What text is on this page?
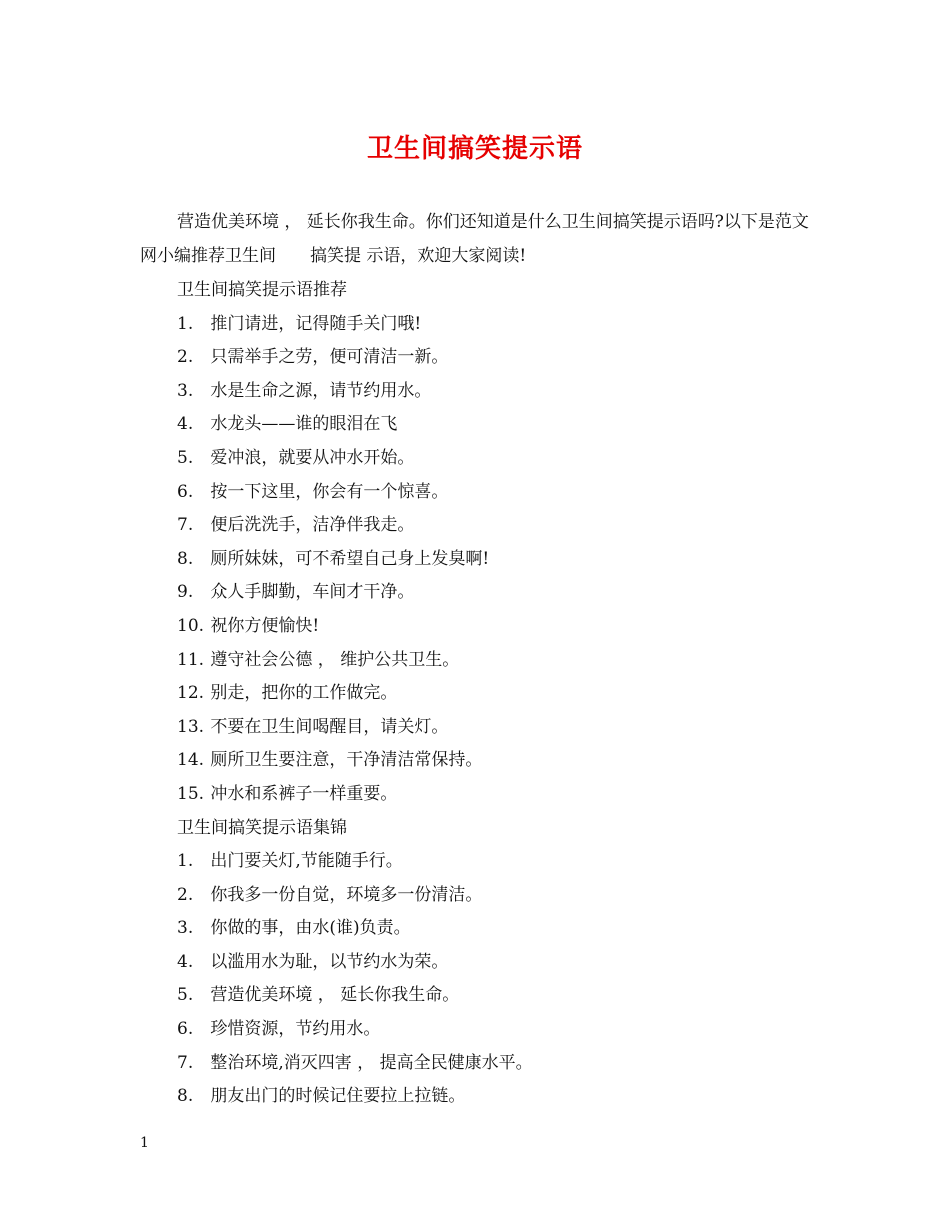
卫生间搞笑提示语

营造优美环境 ， 延长你我生命。你们还知道是什么卫生间搞笑提示语吗?以下是范文网小编推荐卫生间　　搞笑提 示语，欢迎大家阅读!

卫生间搞笑提示语推荐
1. 推门请进，记得随手关门哦!
2. 只需举手之劳，便可清洁一新。
3. 水是生命之源，请节约用水。
4. 水龙头——谁的眼泪在飞
5. 爱冲浪，就要从冲水开始。
6. 按一下这里，你会有一个惊喜。
7. 便后洗洗手，洁净伴我走。
8. 厕所妹妹，可不希望自己身上发臭啊!
9. 众人手脚勤，车间才干净。
10. 祝你方便愉快!
11. 遵守社会公德 ， 维护公共卫生。
12. 别走，把你的工作做完。
13. 不要在卫生间喝醒目，请关灯。
14. 厕所卫生要注意，干净清洁常保持。
15. 冲水和系裤子一样重要。
卫生间搞笑提示语集锦
1. 出门要关灯,节能随手行。
2. 你我多一份自觉，环境多一份清洁。
3. 你做的事，由水(谁)负责。
4. 以滥用水为耻，以节约水为荣。
5. 营造优美环境 ， 延长你我生命。
6. 珍惜资源，节约用水。
7. 整治环境,消灭四害 ， 提高全民健康水平。
8. 朋友出门的时候记住要拉上拉链。
1
